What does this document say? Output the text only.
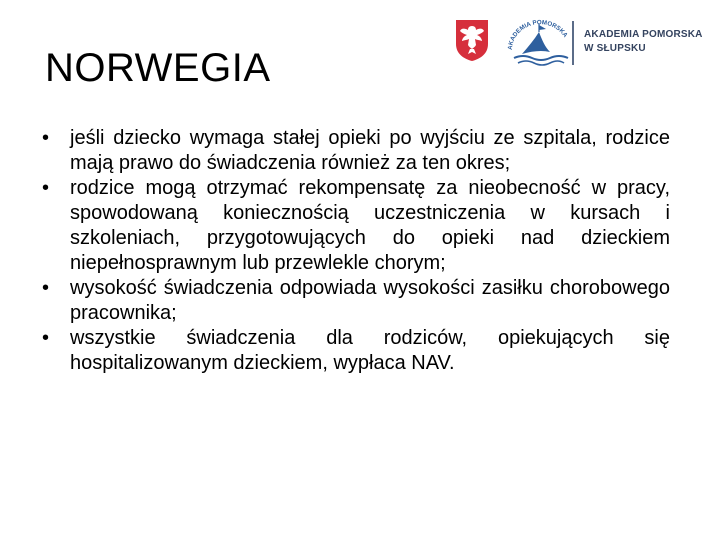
AKADEMIA POMORSKA AKADEMIA POMORSKA
W SŁUPSKU
NORWEGIA
• jeśli dziecko wymaga stałej opieki po wyjściu ze szpitala, rodzice mają prawo do świadczenia również za ten okres;
• rodzice mogą otrzymać rekompensatę za nieobecność w pracy, spowodowaną koniecznością uczestniczenia w kursach i szkoleniach, przygotowujących do opieki nad dzieckiem niepełnosprawnym lub przewlekle chorym;
• wysokość świadczenia odpowiada wysokości zasiłku chorobowego pracownika;
• wszystkie świadczenia dla rodziców, opiekujących się hospitalizowanym dzieckiem, wypłaca NAV.
